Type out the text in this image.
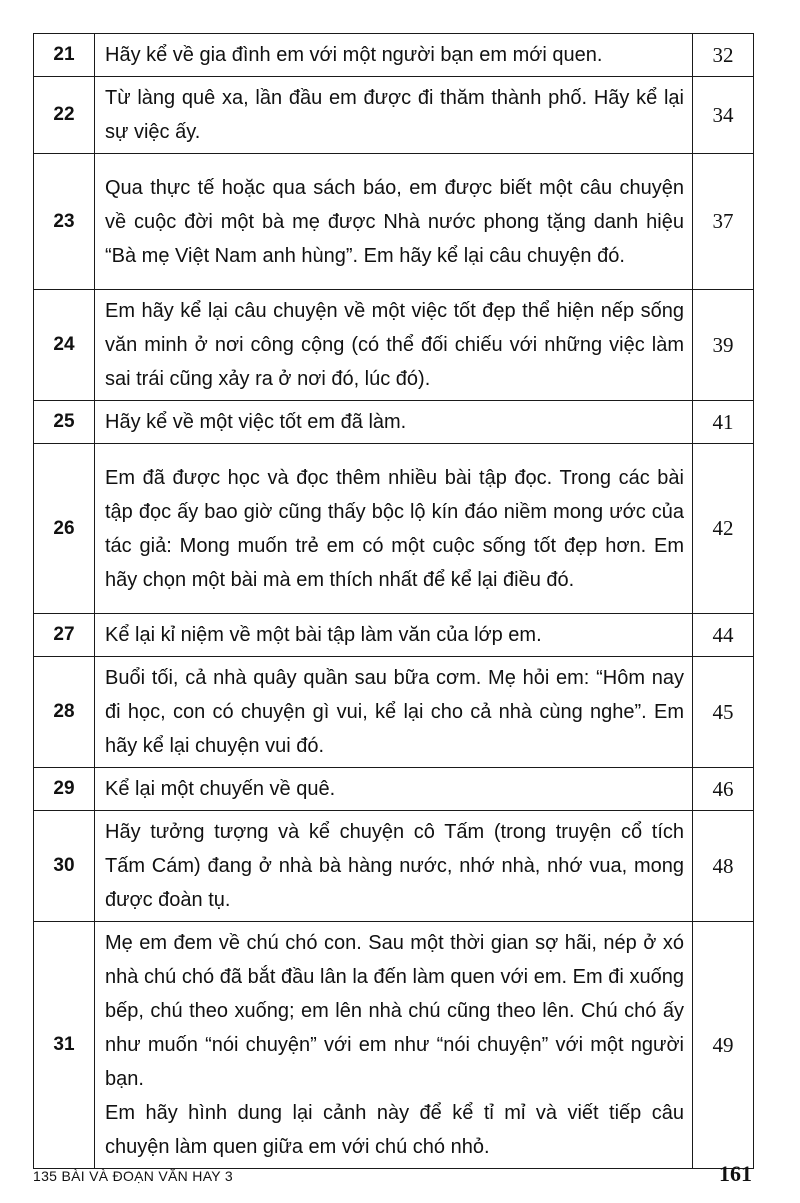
21	Hãy kể về gia đình em với một người bạn em mới quen.	32
22	Từ làng quê xa, lần đầu em được đi thăm thành phố. Hãy kể lại sự việc ấy.	34
23	Qua thực tế hoặc qua sách báo, em được biết một câu chuyện về cuộc đời một bà mẹ được Nhà nước phong tặng danh hiệu “Bà mẹ Việt Nam anh hùng”. Em hãy kể lại câu chuyện đó.	37
24	Em hãy kể lại câu chuyện về một việc tốt đẹp thể hiện nếp sống văn minh ở nơi công cộng (có thể đối chiếu với những việc làm sai trái cũng xảy ra ở nơi đó, lúc đó).	39
25	Hãy kể về một việc tốt em đã làm.	41
26	Em đã được học và đọc thêm nhiều bài tập đọc. Trong các bài tập đọc ấy bao giờ cũng thấy bộc lộ kín đáo niềm mong ước của tác giả: Mong muốn trẻ em có một cuộc sống tốt đẹp hơn. Em hãy chọn một bài mà em thích nhất để kể lại điều đó.	42
27	Kể lại kỉ niệm về một bài tập làm văn của lớp em.	44
28	Buổi tối, cả nhà quây quần sau bữa cơm. Mẹ hỏi em: “Hôm nay đi học, con có chuyện gì vui, kể lại cho cả nhà cùng nghe”. Em hãy kể lại chuyện vui đó.	45
29	Kể lại một chuyến về quê.	46
30	Hãy tưởng tượng và kể chuyện cô Tấm (trong truyện cổ tích Tấm Cám) đang ở nhà bà hàng nước, nhớ nhà, nhớ vua, mong được đoàn tụ.	48
31	Mẹ em đem về chú chó con. Sau một thời gian sợ hãi, nép ở xó nhà chú chó đã bắt đầu lân la đến làm quen với em. Em đi xuống bếp, chú theo xuống; em lên nhà chú cũng theo lên. Chú chó ấy như muốn “nói chuyện” với em như “nói chuyện” với một người bạn.

Em hãy hình dung lại cảnh này để kể tỉ mỉ và viết tiếp câu chuyện làm quen giữa em với chú chó nhỏ.	49
135 BÀI VÀ ĐOẠN VĂN HAY 3	161
